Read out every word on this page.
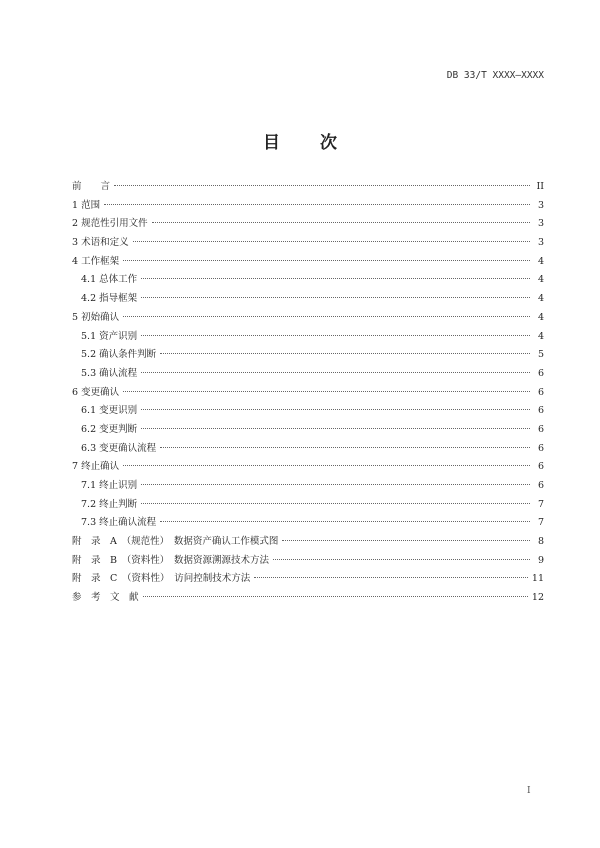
DB 33/T XXXX—XXXX
目 次
前　　言	II
1 范围	3
2 规范性引用文件	3
3 术语和定义	3
4 工作框架	4
4.1 总体工作	4
4.2 指导框架	4
5 初始确认	4
5.1 资产识别	4
5.2 确认条件判断	5
5.3 确认流程	6
6 变更确认	6
6.1 变更识别	6
6.2 变更判断	6
6.3 变更确认流程	6
7 终止确认	6
7.1 终止识别	6
7.2 终止判断	7
7.3 终止确认流程	7
附　录　A　（规范性）　数据资产确认工作模式图	8
附　录　B　（资料性）　数据资源溯源技术方法	9
附　录　C　（资料性）　访问控制技术方法	11
参　考　文　献	12
I
